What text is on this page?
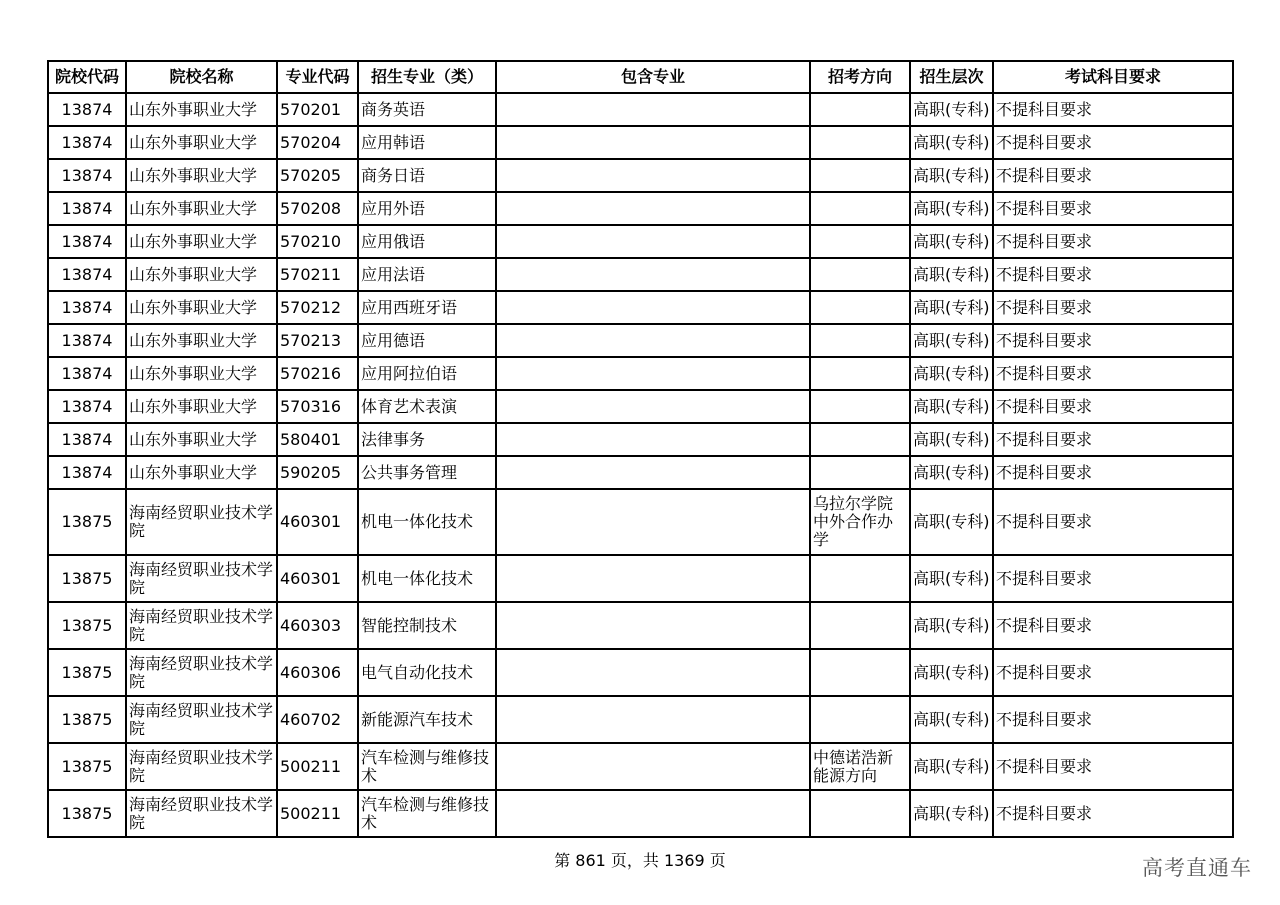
院校代码	院校名称	专业代码	招生专业（类）	包含专业	招考方向	招生层次	考试科目要求
13874	山东外事职业大学	570201	商务英语			高职(专科)	不提科目要求
13874	山东外事职业大学	570204	应用韩语			高职(专科)	不提科目要求
13874	山东外事职业大学	570205	商务日语			高职(专科)	不提科目要求
13874	山东外事职业大学	570208	应用外语			高职(专科)	不提科目要求
13874	山东外事职业大学	570210	应用俄语			高职(专科)	不提科目要求
13874	山东外事职业大学	570211	应用法语			高职(专科)	不提科目要求
13874	山东外事职业大学	570212	应用西班牙语			高职(专科)	不提科目要求
13874	山东外事职业大学	570213	应用德语			高职(专科)	不提科目要求
13874	山东外事职业大学	570216	应用阿拉伯语			高职(专科)	不提科目要求
13874	山东外事职业大学	570316	体育艺术表演			高职(专科)	不提科目要求
13874	山东外事职业大学	580401	法律事务			高职(专科)	不提科目要求
13874	山东外事职业大学	590205	公共事务管理			高职(专科)	不提科目要求
13875	海南经贸职业技术学院	460301	机电一体化技术		乌拉尔学院中外合作办学	高职(专科)	不提科目要求
13875	海南经贸职业技术学院	460301	机电一体化技术			高职(专科)	不提科目要求
13875	海南经贸职业技术学院	460303	智能控制技术			高职(专科)	不提科目要求
13875	海南经贸职业技术学院	460306	电气自动化技术			高职(专科)	不提科目要求
13875	海南经贸职业技术学院	460702	新能源汽车技术			高职(专科)	不提科目要求
13875	海南经贸职业技术学院	500211	汽车检测与维修技术		中德诺浩新能源方向	高职(专科)	不提科目要求
13875	海南经贸职业技术学院	500211	汽车检测与维修技术			高职(专科)	不提科目要求
第 861 页，共 1369 页	高考直通车
